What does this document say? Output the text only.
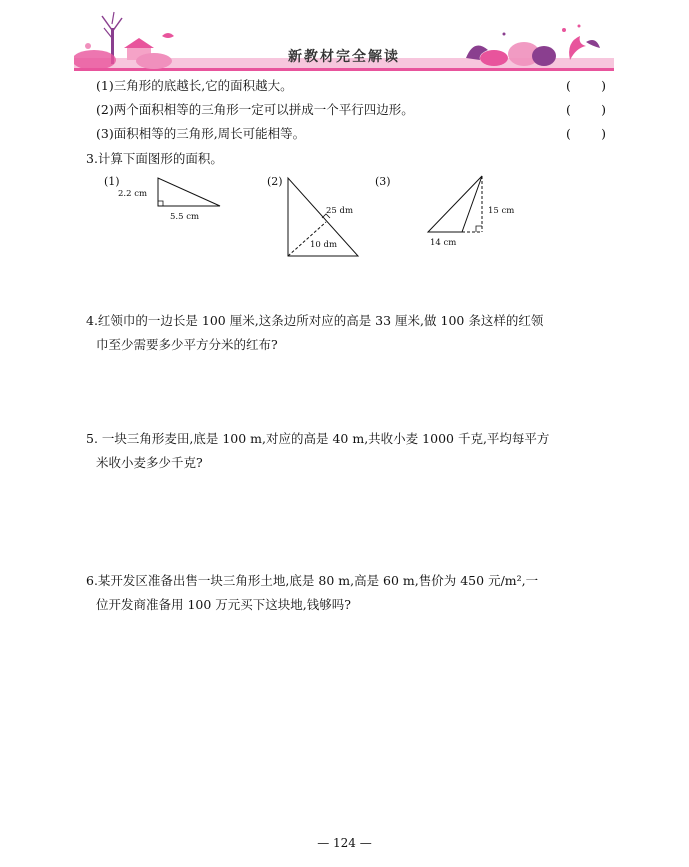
新教材完全解读
(1)三角形的底越长,它的面积越大。	( )
(2)两个面积相等的三角形一定可以拼成一个平行四边形。	( )
(3)面积相等的三角形,周长可能相等。	( )
3.计算下面图形的面积。
(1)
2.2 cm
5.5 cm
(2)
25 dm
10 dm
(3)
15 cm
14 cm
4.红领巾的一边长是 100 厘米,这条边所对应的高是 33 厘米,做 100 条这样的红领
巾至少需要多少平方分米的红布?
5. 一块三角形麦田,底是 100 m,对应的高是 40 m,共收小麦 1000 千克,平均每平方
米收小麦多少千克?
6.某开发区准备出售一块三角形土地,底是 80 m,高是 60 m,售价为 450 元/m²,一
位开发商准备用 100 万元买下这块地,钱够吗?
— 124 —
